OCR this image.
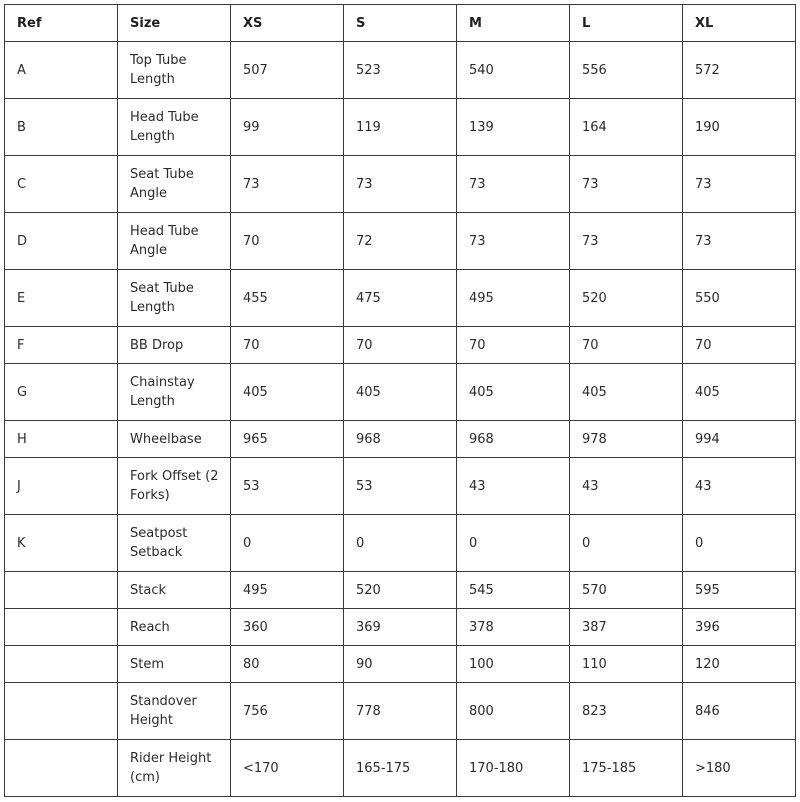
Ref	Size	XS	S	M	L	XL
A	Top Tube Length	507	523	540	556	572
B	Head Tube Length	99	119	139	164	190
C	Seat Tube Angle	73	73	73	73	73
D	Head Tube Angle	70	72	73	73	73
E	Seat Tube Length	455	475	495	520	550
F	BB Drop	70	70	70	70	70
G	Chainstay Length	405	405	405	405	405
H	Wheelbase	965	968	968	978	994
J	Fork Offset (2 Forks)	53	53	43	43	43
K	Seatpost Setback	0	0	0	0	0
	Stack	495	520	545	570	595
	Reach	360	369	378	387	396
	Stem	80	90	100	110	120
	Standover Height	756	778	800	823	846
	Rider Height (cm)	<170	165-175	170-180	175-185	>180
